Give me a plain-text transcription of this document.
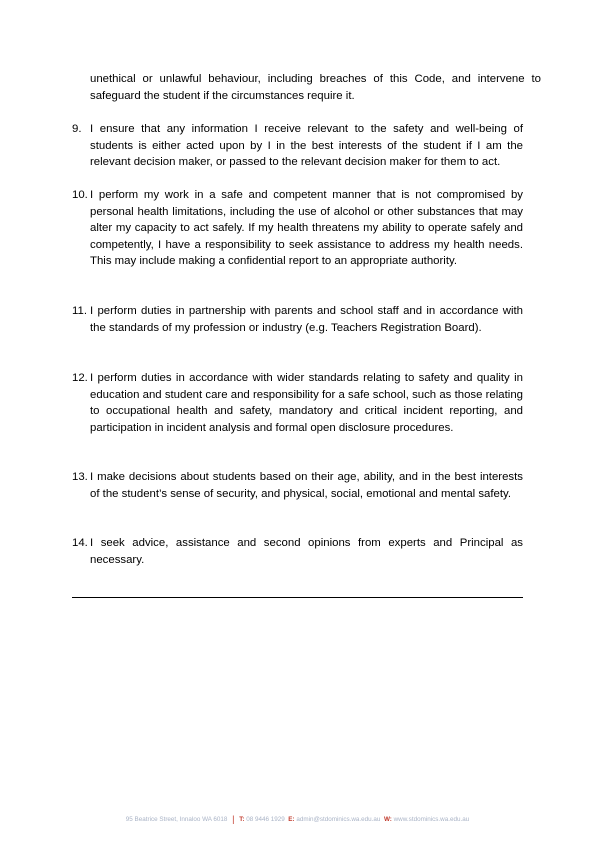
unethical or unlawful behaviour, including breaches of this Code, and intervene to safeguard the student if the circumstances require it.
9. I ensure that any information I receive relevant to the safety and well-being of students is either acted upon by I in the best interests of the student if I am the relevant decision maker, or passed to the relevant decision maker for them to act.
10. I perform my work in a safe and competent manner that is not compromised by personal health limitations, including the use of alcohol or other substances that may alter my capacity to act safely. If my health threatens my ability to operate safely and competently, I have a responsibility to seek assistance to address my health needs. This may include making a confidential report to an appropriate authority.
11. I perform duties in partnership with parents and school staff and in accordance with the standards of my profession or industry (e.g. Teachers Registration Board).
12. I perform duties in accordance with wider standards relating to safety and quality in education and student care and responsibility for a safe school, such as those relating to occupational health and safety, mandatory and critical incident reporting, and participation in incident analysis and formal open disclosure procedures.
13. I make decisions about students based on their age, ability, and in the best interests of the student’s sense of security, and physical, social, emotional and mental safety.
14. I seek advice, assistance and second opinions from experts and Principal as necessary.
95 Beatrice Street, Innaloo WA 6018 | T: 08 9446 1929 E: admin@stdominics.wa.edu.au W: www.stdominics.wa.edu.au
